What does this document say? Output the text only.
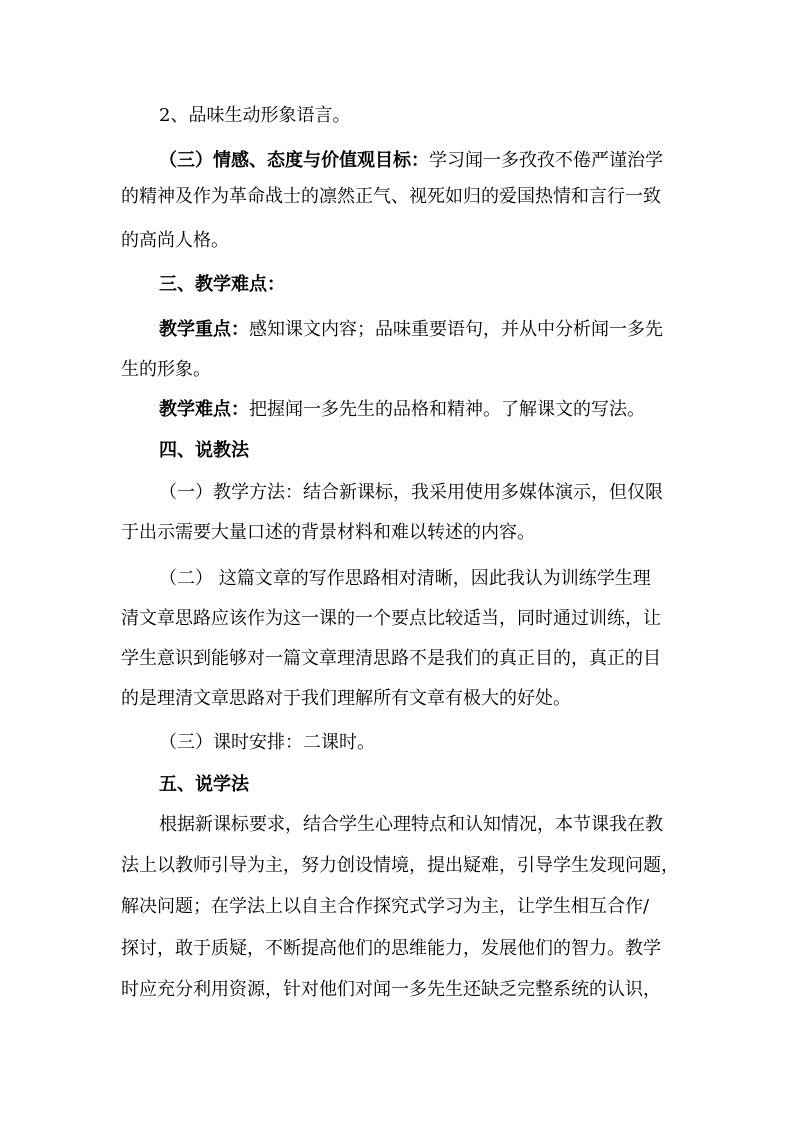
2、品味生动形象语言。

（三）情感、态度与价值观目标：学习闻一多孜孜不倦严谨治学

的精神及作为革命战士的凛然正气、视死如归的爱国热情和言行一致

的高尚人格。

三、教学难点：

教学重点：感知课文内容；品味重要语句，并从中分析闻一多先

生的形象。

教学难点：把握闻一多先生的品格和精神。了解课文的写法。

四、说教法

（一）教学方法：结合新课标，我采用使用多媒体演示，但仅限

于出示需要大量口述的背景材料和难以转述的内容。

（二） 这篇文章的写作思路相对清晰，因此我认为训练学生理

清文章思路应该作为这一课的一个要点比较适当，同时通过训练，让

学生意识到能够对一篇文章理清思路不是我们的真正目的，真正的目

的是理清文章思路对于我们理解所有文章有极大的好处。

（三）课时安排：二课时。

五、说学法

根据新课标要求，结合学生心理特点和认知情况，本节课我在教

法上以教师引导为主，努力创设情境，提出疑难，引导学生发现问题，

解决问题；在学法上以自主合作探究式学习为主，让学生相互合作/

探讨，敢于质疑，不断提高他们的思维能力，发展他们的智力。教学

时应充分利用资源，针对他们对闻一多先生还缺乏完整系统的认识，
